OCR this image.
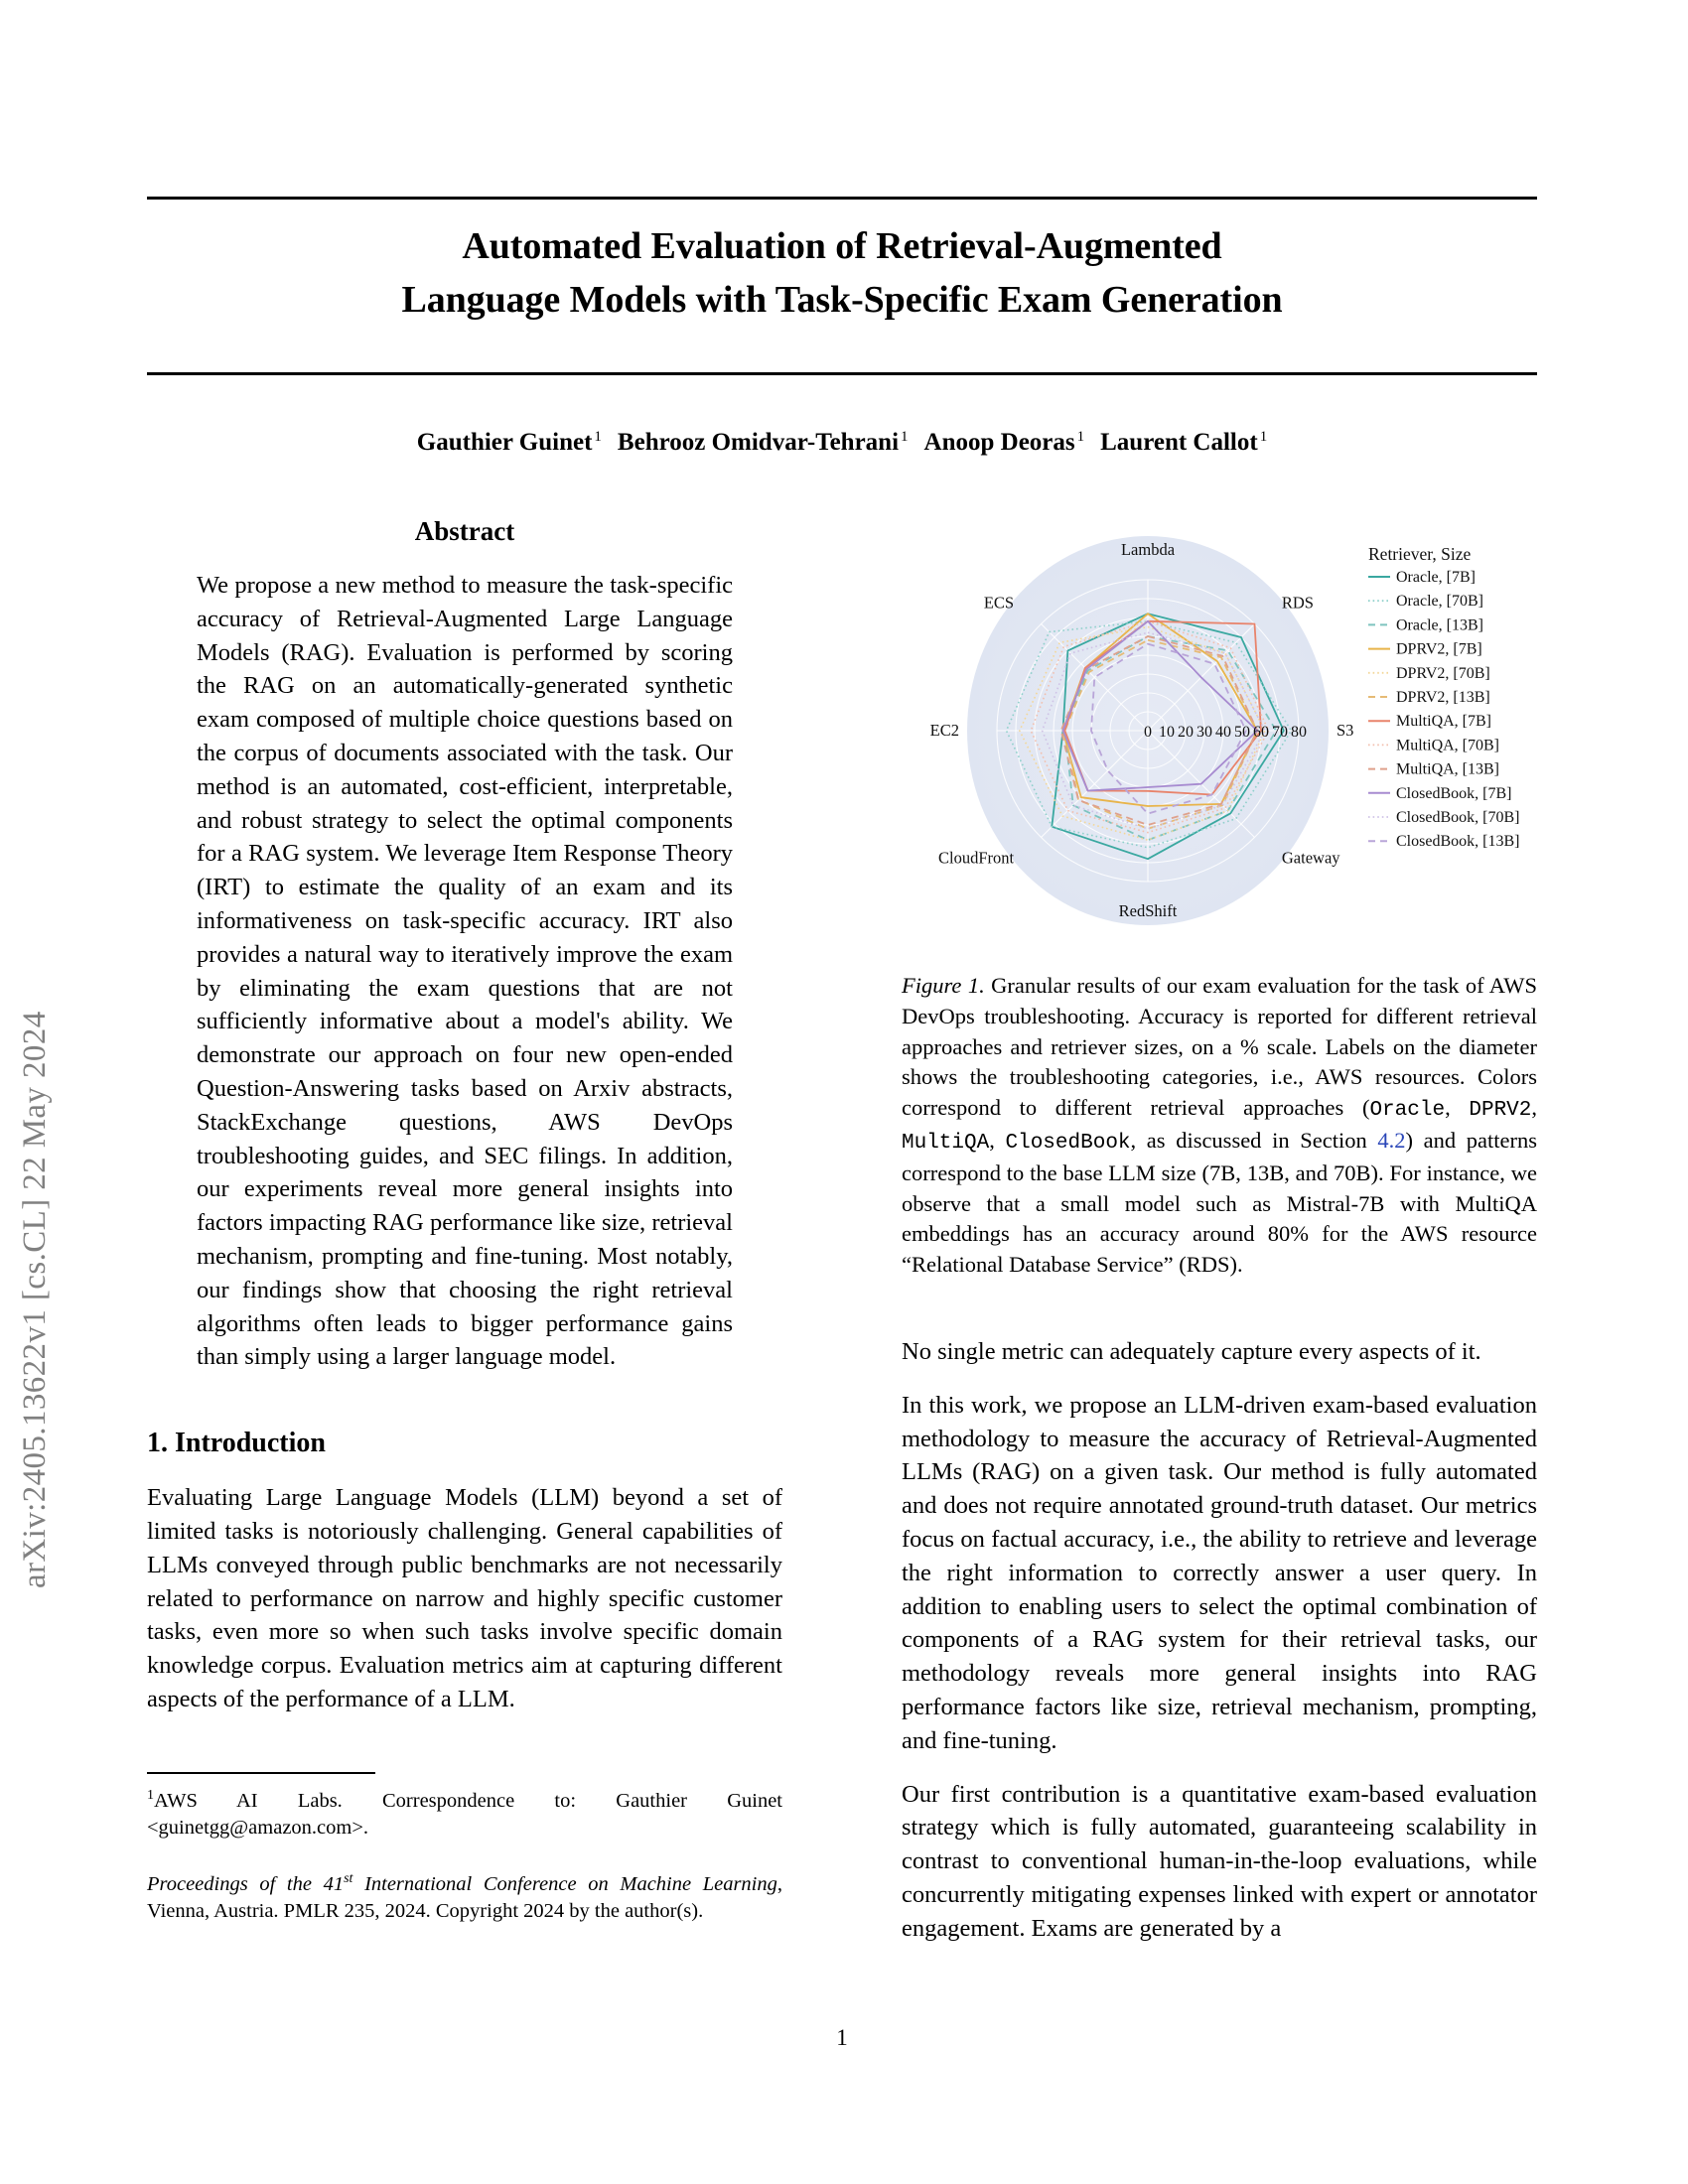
arXiv:2405.13622v1 [cs.CL] 22 May 2024
Automated Evaluation of Retrieval-Augmented
Language Models with Task-Specific Exam Generation
Gauthier Guinet $^1$ Behrooz Omidvar-Tehrani $^1$ Anoop Deoras $^1$ Laurent Callot $^1$
Abstract

We propose a new method to measure the task-specific accuracy of Retrieval-Augmented Large Language Models (RAG). Evaluation is performed by scoring the RAG on an automatically-generated synthetic exam composed of multiple choice questions based on the corpus of documents associated with the task. Our method is an automated, cost-efficient, interpretable, and robust strategy to select the optimal components for a RAG system. We leverage Item Response Theory (IRT) to estimate the quality of an exam and its informativeness on task-specific accuracy. IRT also provides a natural way to iteratively improve the exam by eliminating the exam questions that are not sufficiently informative about a model's ability. We demonstrate our approach on four new open-ended Question-Answering tasks based on Arxiv abstracts, StackExchange questions, AWS DevOps troubleshooting guides, and SEC filings. In addition, our experiments reveal more general insights into factors impacting RAG performance like size, retrieval mechanism, prompting and fine-tuning. Most notably, our findings show that choosing the right retrieval algorithms often leads to bigger performance gains than simply using a larger language model.

1. Introduction

Evaluating Large Language Models (LLM) beyond a set of limited tasks is notoriously challenging. General capabilities of LLMs conveyed through public benchmarks are not necessarily related to performance on narrow and highly specific customer tasks, even more so when such tasks involve specific domain knowledge corpus. Evaluation metrics aim at capturing different aspects of the performance of a LLM.

$^1$AWS AI Labs. Correspondence to: Gauthier Guinet <guinetgg@amazon.com>.

Proceedings of the 41st International Conference on Machine Learning, Vienna, Austria. PMLR 235, 2024. Copyright 2024 by the author(s).

Lambda
RDS
S3
Gateway
RedShift
CloudFront
EC2
ECS
0 10 20 30 40 50 60 70 80
Retriever, Size
Oracle, [7B]
Oracle, [70B]
Oracle, [13B]
DPRV2, [7B]
DPRV2, [70B]
DPRV2, [13B]
MultiQA, [7B]
MultiQA, [70B]
MultiQA, [13B]
ClosedBook, [7B]
ClosedBook, [70B]
ClosedBook, [13B]
Figure 1. Granular results of our exam evaluation for the task of AWS DevOps troubleshooting. Accuracy is reported for different retrieval approaches and retriever sizes, on a % scale. Labels on the diameter shows the troubleshooting categories, i.e., AWS resources. Colors correspond to different retrieval approaches (Oracle, DPRV2, MultiQA, ClosedBook, as discussed in Section 4.2) and patterns correspond to the base LLM size (7B, 13B, and 70B). For instance, we observe that a small model such as Mistral-7B with MultiQA embeddings has an accuracy around 80% for the AWS resource “Relational Database Service” (RDS).

No single metric can adequately capture every aspects of it.

In this work, we propose an LLM-driven exam-based evaluation methodology to measure the accuracy of Retrieval-Augmented LLMs (RAG) on a given task. Our method is fully automated and does not require annotated ground-truth dataset. Our metrics focus on factual accuracy, i.e., the ability to retrieve and leverage the right information to correctly answer a user query. In addition to enabling users to select the optimal combination of components of a RAG system for their retrieval tasks, our methodology reveals more general insights into RAG performance factors like size, retrieval mechanism, prompting, and fine-tuning.

Our first contribution is a quantitative exam-based evaluation strategy which is fully automated, guaranteeing scalability in contrast to conventional human-in-the-loop evaluations, while concurrently mitigating expenses linked with expert or annotator engagement. Exams are generated by a

1
